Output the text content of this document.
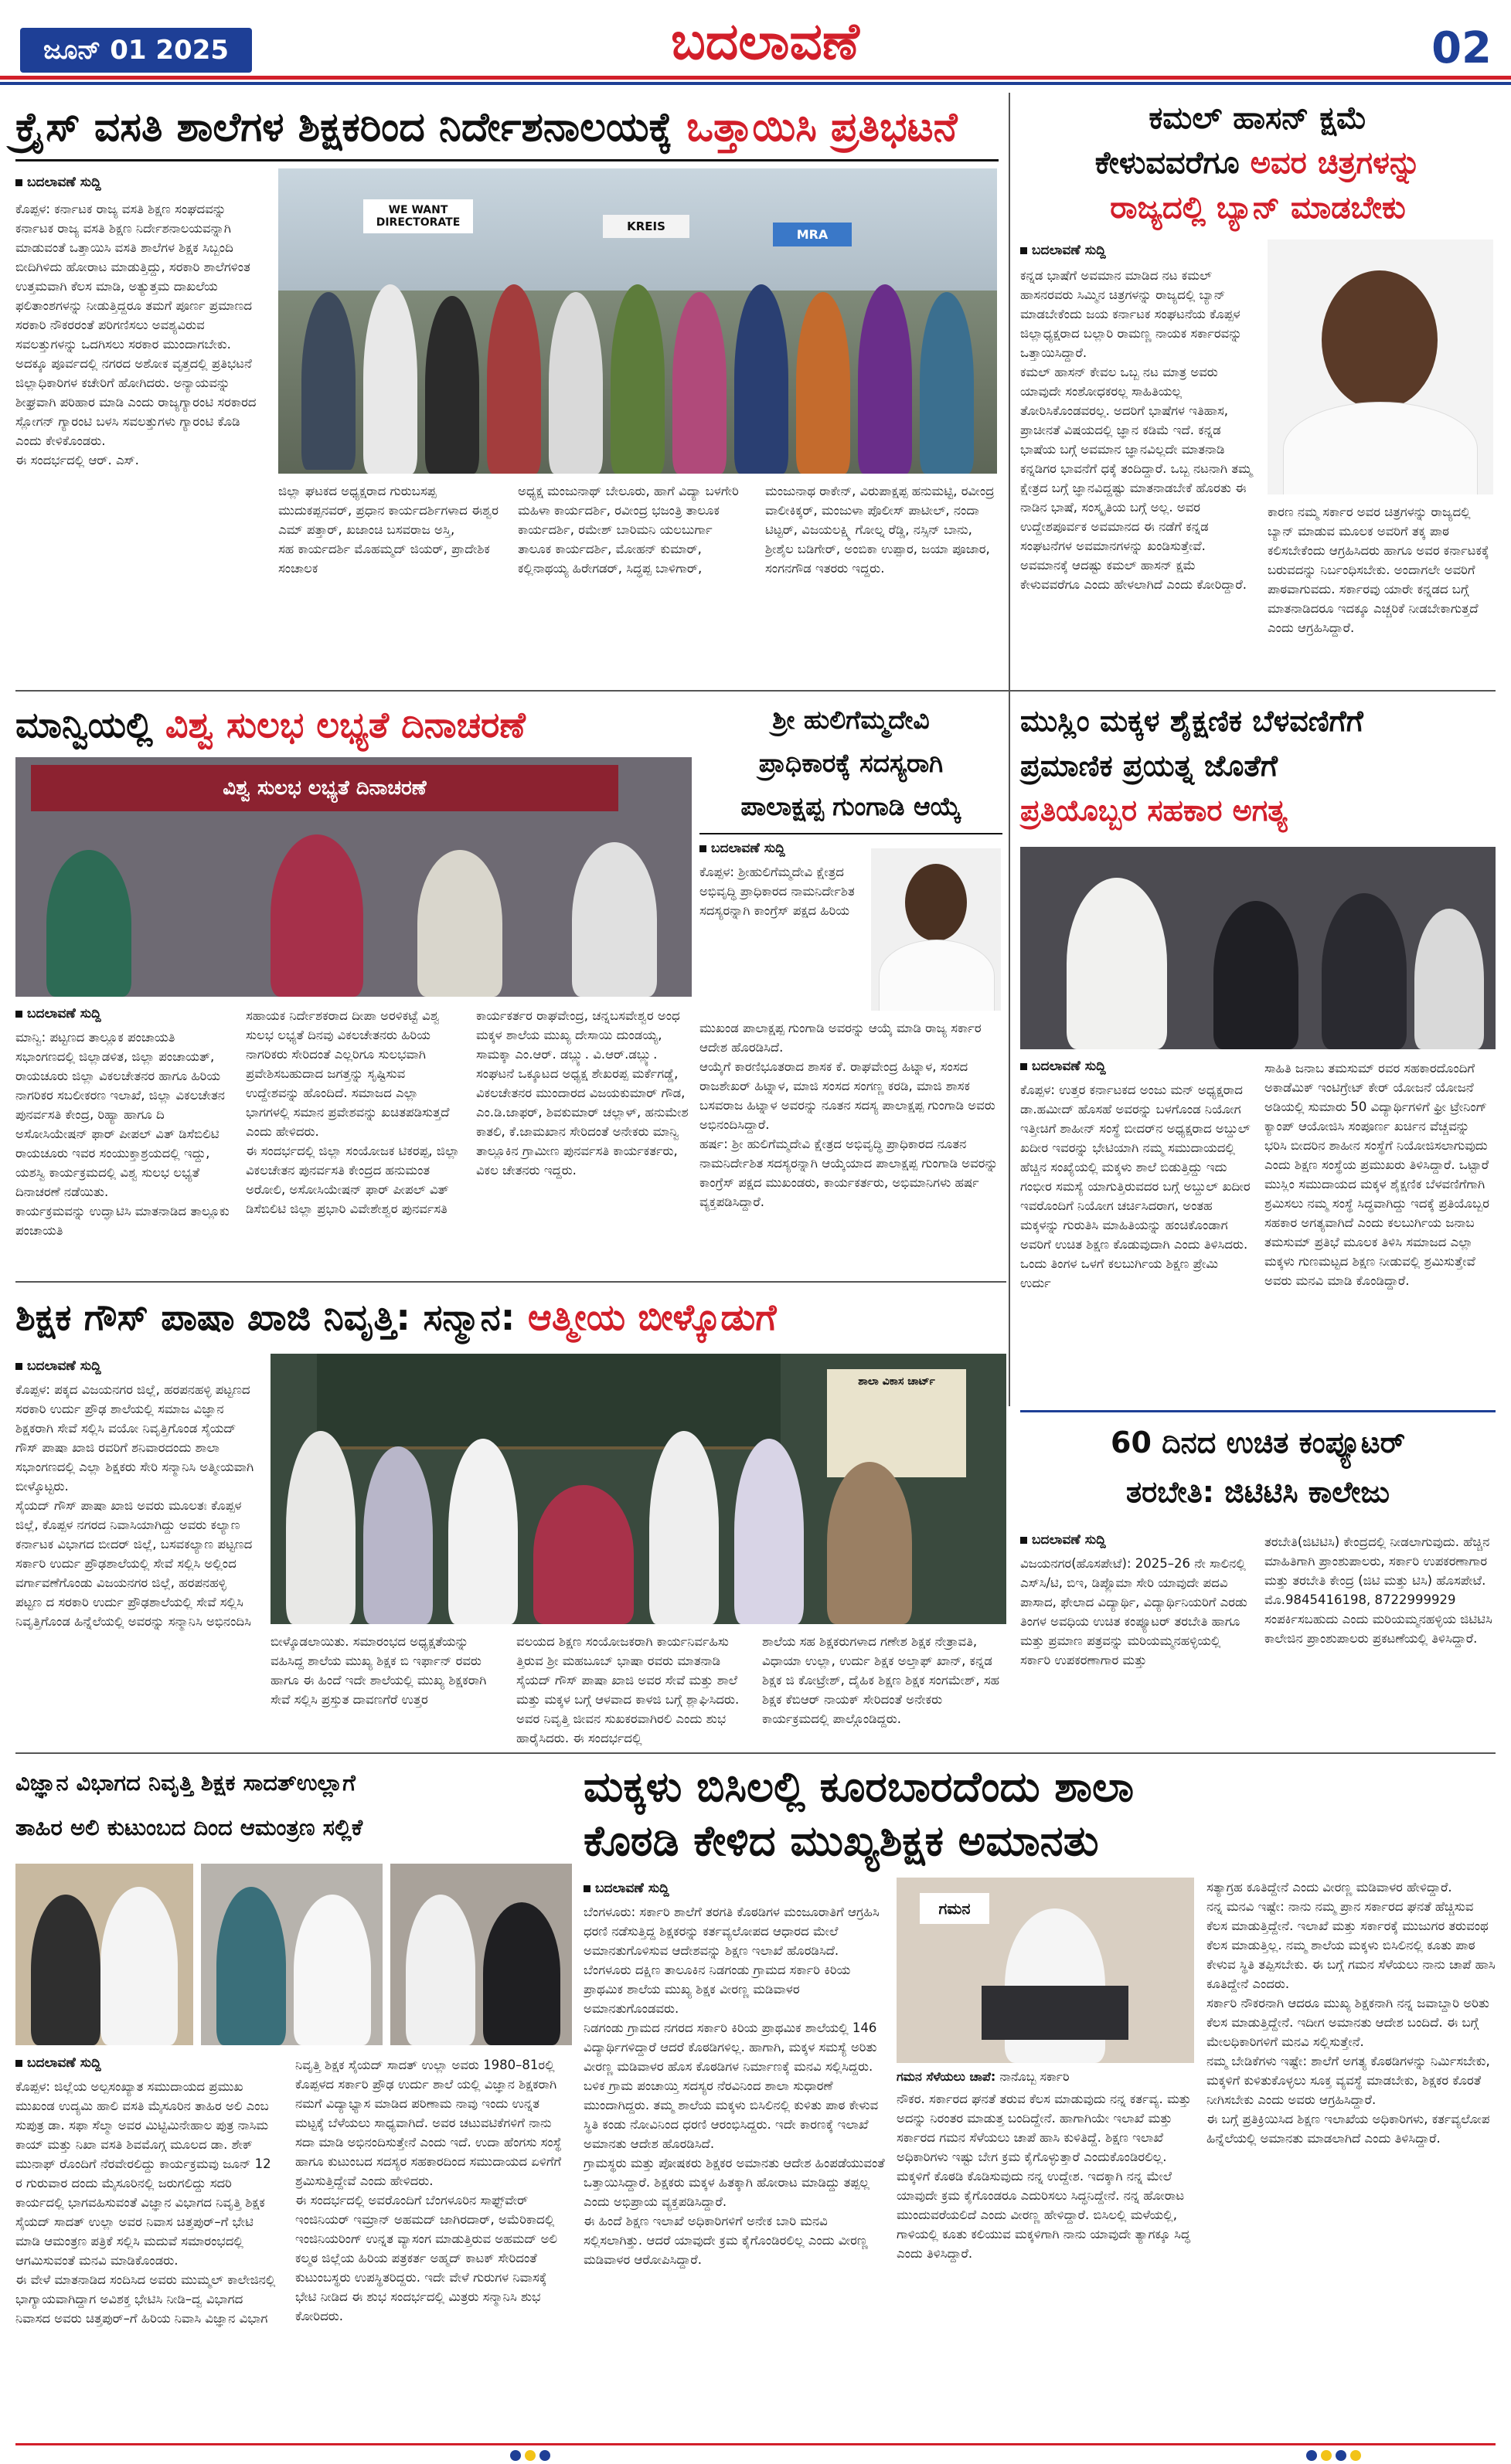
ಜೂನ್ 01 2025	ಬದಲಾವಣೆ	02
ಕ್ರೈಸ್ ವಸತಿ ಶಾಲೆಗಳ ಶಿಕ್ಷಕರಿಂದ ನಿರ್ದೇಶನಾಲಯಕ್ಕೆ ಒತ್ತಾಯಿಸಿ ಪ್ರತಿಭಟನೆ
ಬದಲಾವಣೆ ಸುದ್ದಿ
ಕೊಪ್ಪಳ: ಕರ್ನಾಟಕ ರಾಜ್ಯ ವಸತಿ ಶಿಕ್ಷಣ ಸಂಘದವನ್ನು ಕರ್ನಾಟಕ ರಾಜ್ಯ ವಸತಿ ಶಿಕ್ಷಣ ನಿರ್ದೇಶನಾಲಯವನ್ನಾಗಿ ಮಾಡುವಂತೆ ಒತ್ತಾಯಿಸಿ ವಸತಿ ಶಾಲೆಗಳ ಶಿಕ್ಷಕ ಸಿಬ್ಬಂದಿ ಬೀದಿಗಿಳಿದು ಹೋರಾಟ ಮಾಡುತ್ತಿದ್ದು, ಸರಕಾರಿ ಶಾಲೆಗಳಿಂತ ಉತ್ತಮವಾಗಿ ಕೆಲಸ ಮಾಡಿ, ಅತ್ಯುತ್ತಮ ದಾಖಲೆಯ ಫಲಿತಾಂಶಗಳನ್ನು ನೀಡುತ್ತಿದ್ದರೂ ತಮಗೆ ಪೂರ್ಣ ಪ್ರಮಾಣದ ಸರಕಾರಿ ನೌಕರರಂತೆ ಪರಿಗಣಿಸಲು ಅವಶ್ಯವಿರುವ ಸವಲತ್ತುಗಳನ್ನು ಒದಗಿಸಲು ಸರಕಾರ ಮುಂದಾಗಬೇಕು.
ಅದಕ್ಕೂ ಪೂರ್ವದಲ್ಲಿ ನಗರದ ಅಶೋಕ ವೃತ್ತದಲ್ಲಿ ಪ್ರತಿಭಟನೆ ಜಿಲ್ಲಾಧಿಕಾರಿಗಳ ಕಚೇರಿಗೆ ಹೋಗಿದರು. ಅನ್ಯಾಯವನ್ನು ಶೀಘ್ರವಾಗಿ ಪರಿಹಾರ ಮಾಡಿ ಎಂದು ರಾಜ್ಯಗ್ಯಾರಂಟಿ ಸರಕಾರದ ಸ್ಲೋಗನ್ ಗ್ಯಾರಂಟಿ ಬಳಸಿ ಸವಲತ್ತುಗಳು ಗ್ಯಾರಂಟಿ ಕೊಡಿ ಎಂದು ಕೇಳಿಕೊಂಡರು.
ಈ ಸಂದರ್ಭದಲ್ಲಿ ಆರ್. ಎಸ್.
WE WANT DIRECTORATE	KREIS
MRA
ಜಿಲ್ಲಾ ಘಟಕದ ಅಧ್ಯಕ್ಷರಾದ ಗುರುಬಸಪ್ಪ ಮುದುಕಪ್ಪನವರ್, ಪ್ರಧಾನ ಕಾರ್ಯದರ್ಶಿಗಳಾದ ಈಶ್ವರ ಎಮ್ ಪತ್ತಾರ್, ಖಜಾಂಚಿ ಬಸವರಾಜ ಅಸ್ತಿ,
ಸಹ ಕಾರ್ಯದರ್ಶಿ ಮೊಹಮ್ಮದ್ ಜಿಯರ್, ಪ್ರಾದೇಶಿಕ ಸಂಚಾಲಕ
ಅಧ್ಯಕ್ಷ ಮಂಜುನಾಥ್ ಬೇಲೂರು, ಹಾಗೆ ವಿದ್ಯಾ ಬಳಗೇರಿ ಮಹಿಳಾ ಕಾರ್ಯದರ್ಶಿ, ರವೀಂದ್ರ ಭಜಂತ್ರಿ ತಾಲೂಕ ಕಾರ್ಯದರ್ಶಿ, ರಮೇಶ್ ಬಾರಿಮನಿ ಯಲಬುರ್ಗಾ ತಾಲೂಕ ಕಾರ್ಯದರ್ಶಿ, ಮೋಹನ್ ಕುಮಾರ್, ಕಲ್ಲಿನಾಥಯ್ಯ ಹಿರೇಗಡರ್, ಸಿದ್ಧಪ್ಪ ಬಾಳಿಗಾರ್,
ಮಂಜುನಾಥ ರಾಕೇನ್, ವಿರುಪಾಕ್ಷಪ್ಪ ಹನುಮಟ್ಟಿ, ರವೀಂದ್ರ ವಾಲೀಕಿಕ್ಕರ್, ಮಂಜುಳಾ ಪೊಲೀಸ್ ಪಾಟೀಲ್, ನಂದಾ ಟಿಟ್ಟರ್, ವಿಜಯಲಕ್ಷ್ಮಿ ಗೋಲ್ನ ರೆಡ್ಡಿ, ನಸ್ಸಿನ್ ಬಾನು, ಶ್ರೀಶೈಲ ಬಡಿಗೇರ್, ಅಂಬಿಕಾ ಉಪ್ಪಾರ, ಜಯಾ ಪೂಜಾರ, ಸಂಗನಗೌಡ ಇತರರು ಇದ್ದರು.
ಕಮಲ್ ಹಾಸನ್ ಕ್ಷಮೆ
ಕೇಳುವವರೆಗೂ ಅವರ ಚಿತ್ರಗಳನ್ನು
ರಾಜ್ಯದಲ್ಲಿ ಬ್ಯಾನ್ ಮಾಡಬೇಕು
ಬದಲಾವಣೆ ಸುದ್ದಿ
ಕನ್ನಡ ಭಾಷೆಗೆ ಅವಮಾನ ಮಾಡಿದ ನಟ ಕಮಲ್ ಹಾಸನರವರು ಸಿಮ್ಮಿನ ಚಿತ್ರಗಳನ್ನು ರಾಜ್ಯದಲ್ಲಿ ಬ್ಯಾನ್ ಮಾಡಬೇಕೆಂದು ಜಯ ಕರ್ನಾಟಕ ಸಂಘಟನೆಯ ಕೊಪ್ಪಳ ಜಿಲ್ಲಾಧ್ಯಕ್ಷರಾದ ಬಲ್ಲಾರಿ ರಾಮಣ್ಣ ನಾಯಕ ಸರ್ಕಾರವನ್ನು ಒತ್ತಾಯಿಸಿದ್ದಾರೆ.
ಕಮಲ್ ಹಾಸನ್ ಕೇವಲ ಒಬ್ಬ ನಟ ಮಾತ್ರ ಅವರು ಯಾವುದೇ ಸಂಶೋಧಕರಲ್ಲ ಸಾಹಿತಿಯಲ್ಲ ತೋರಿಸಿಕೊಂಡವರಲ್ಲ. ಅದರಿಗೆ ಭಾಷೆಗಳ ಇತಿಹಾಸ, ಪ್ರಾಚೀನತೆ ವಿಷಯದಲ್ಲಿ ಜ್ಞಾನ ಕಡಿಮೆ ಇದೆ. ಕನ್ನಡ ಭಾಷೆಯ ಬಗ್ಗೆ ಅವಮಾನ ಜ್ಞಾನವಿಲ್ಲದೇ ಮಾತನಾಡಿ ಕನ್ನಡಿಗರ ಭಾವನೆಗೆ ಧಕ್ಕೆ ತಂದಿದ್ದಾರೆ. ಒಬ್ಬ ನಟನಾಗಿ ತಮ್ಮ ಕ್ಷೇತ್ರದ ಬಗ್ಗೆ ಜ್ಞಾನವಿದ್ದಷ್ಟು ಮಾತನಾಡಬೇಕೆ ಹೊರತು ಈ ನಾಡಿನ ಭಾಷೆ, ಸಂಸ್ಕೃತಿಯ ಬಗ್ಗೆ ಅಲ್ಲ. ಅವರ ಉದ್ದೇಶಪೂರ್ವಕ ಅವಮಾನದ ಈ ನಡೆಗೆ ಕನ್ನಡ ಸಂಘಟನೆಗಳ ಅವಮಾನಗಳನ್ನು ಖಂಡಿಸುತ್ತೇವೆ. ಅವಮಾನಕ್ಕೆ ಆದಷ್ಟು ಕಮಲ್ ಹಾಸನ್ ಕ್ಷಮೆ ಕೇಳುವವರೆಗೂ ಎಂದು ಹೇಳಲಾಗಿದೆ ಎಂದು ಕೋರಿದ್ದಾರೆ.
ಕಾರಣ ನಮ್ಮ ಸರ್ಕಾರ ಅವರ ಚಿತ್ರಗಳನ್ನು ರಾಜ್ಯದಲ್ಲಿ ಬ್ಯಾನ್ ಮಾಡುವ ಮೂಲಕ ಅವರಿಗೆ ತಕ್ಕ ಪಾಠ ಕಲಿಸಬೇಕೆಂದು ಆಗ್ರಹಿಸಿದರು ಹಾಗೂ ಅವರ ಕರ್ನಾಟಕಕ್ಕೆ ಬರುವದನ್ನು ನಿರ್ಬಂಧಿಸಬೇಕು. ಅಂದಾಗಲೇ ಅವರಿಗೆ ಪಾಠವಾಗುವದು. ಸರ್ಕಾರವು ಯಾರೇ ಕನ್ನಡದ ಬಗ್ಗೆ ಮಾತನಾಡಿದರೂ ಇದಕ್ಕೂ ಎಚ್ಚರಿಕೆ ನೀಡಬೇಕಾಗುತ್ತದೆ ಎಂದು ಆಗ್ರಹಿಸಿದ್ದಾರೆ.
ಮಾನ್ವಿಯಲ್ಲಿ ವಿಶ್ವ ಸುಲಭ ಲಭ್ಯತೆ ದಿನಾಚರಣೆ
ವಿಶ್ವ ಸುಲಭ ಲಭ್ಯತೆ ದಿನಾಚರಣೆ
ಬದಲಾವಣೆ ಸುದ್ದಿ
ಮಾನ್ವಿ: ಪಟ್ಟಣದ ತಾಲ್ಲೂಕ ಪಂಚಾಯತಿ ಸಭಾಂಗಣದಲ್ಲಿ ಜಿಲ್ಲಾಡಳಿತ, ಜಿಲ್ಲಾ ಪಂಚಾಯತ್, ರಾಯಚೂರು ಜಿಲ್ಲಾ ವಿಕಲಚೇತನರ ಹಾಗೂ ಹಿರಿಯ ನಾಗರಿಕರ ಸಬಲೀಕರಣ ಇಲಾಖೆ, ಜಿಲ್ಲಾ ವಿಕಲಚೇತನ ಪುನರ್ವಸತಿ ಕೇಂದ್ರ, ರಿಹ್ಯಾ ಹಾಗೂ ದಿ ಅಸೋಸಿಯೇಷನ್ ಫಾರ್ ಪೀಪಲ್ ವಿತ್ ಡಿಸೆಬಿಲಿಟಿ ರಾಯಚೂರು ಇವರ ಸಂಯುಕ್ತಾಶ್ರಯದಲ್ಲಿ ಇದ್ದು, ಯಶಸ್ವಿ ಕಾರ್ಯಕ್ರಮದಲ್ಲಿ ವಿಶ್ವ ಸುಲಭ ಲಭ್ಯತೆ ದಿನಾಚರಣೆ ನಡೆಯಿತು.
ಕಾರ್ಯಕ್ರಮವನ್ನು ಉದ್ಘಾಟಿಸಿ ಮಾತನಾಡಿದ ತಾಲ್ಲೂಕು ಪಂಚಾಯತಿ
ಸಹಾಯಕ ನಿರ್ದೇಶಕರಾದ ದೀಪಾ ಅರಳಿಕಟ್ಟೆ ವಿಶ್ವ ಸುಲಭ ಲಭ್ಯತೆ ದಿನವು ವಿಕಲಚೇತನರು ಹಿರಿಯ ನಾಗರಿಕರು ಸೇರಿದಂತೆ ಎಲ್ಲರಿಗೂ ಸುಲಭವಾಗಿ ಪ್ರವೇಶಿಸಬಹುದಾದ ಜಗತ್ತನ್ನು ಸೃಷ್ಟಿಸುವ ಉದ್ದೇಶವನ್ನು ಹೊಂದಿದೆ. ಸಮಾಜದ ಎಲ್ಲಾ ಭಾಗಗಳಲ್ಲಿ ಸಮಾನ ಪ್ರವೇಶವನ್ನು ಖಚಿತಪಡಿಸುತ್ತದೆ ಎಂದು ಹೇಳಿದರು.
ಈ ಸಂದರ್ಭದಲ್ಲಿ ಜಿಲ್ಲಾ ಸಂಯೋಜಕ ಟಿಕರಪ್ಪ, ಜಿಲ್ಲಾ ವಿಕಲಚೇತನ ಪುನರ್ವಸತಿ ಕೇಂದ್ರದ ಹನುಮಂತ ಅರೋಲಿ, ಅಸೋಸಿಯೇಷನ್ ಫಾರ್ ಪೀಪಲ್ ವಿತ್ ಡಿಸೆಬಿಲಿಟಿ ಜಿಲ್ಲಾ ಪ್ರಭಾರಿ ವಿವೇಶೇಶ್ವರ ಪುನರ್ವಸತಿ
ಕಾರ್ಯಕರ್ತರ ರಾಘವೇಂದ್ರ, ಚನ್ನಬಸವೇಶ್ವರ ಅಂಧ ಮಕ್ಕಳ ಶಾಲೆಯ ಮುಖ್ಯ ದೇಸಾಯಿ ದುಂಡಯ್ಯ, ಸಾಮಕ್ಕಾ ಎಂ.ಆರ್. ಡಬ್ಲ್ಯು. ವಿ.ಆರ್.ಡಬ್ಲ್ಯು. ಸಂಘಟನೆ ಒಕ್ಕೂಟದ ಅಧ್ಯಕ್ಷ ಶೇಖರಪ್ಪ ಮರ್ಕೆಗಡ್ಡೆ, ವಿಕಲಚೇತನರ ಮುಂದಾರದ ವಿಜಯಕುಮಾರ್ ಗೌಡ, ಎಂ.ಡಿ.ಜಾಫರ್, ಶಿವಕುಮಾರ್ ಚಲ್ಲಾಳ್, ಹನುಮೇಶ ಕಾತಲಿ, ಕೆ.ಜಾಮಖಾನ ಸೇರಿದಂತೆ ಅನೇಕರು ಮಾನ್ವಿ ತಾಲ್ಲೂಕಿನ ಗ್ರಾಮೀಣ ಪುನರ್ವಸತಿ ಕಾರ್ಯಕರ್ತರು, ವಿಕಲ ಚೇತನರು ಇದ್ದರು.
ಶ್ರೀ ಹುಲಿಗೆಮ್ಮದೇವಿ
ಪ್ರಾಧಿಕಾರಕ್ಕೆ ಸದಸ್ಯರಾಗಿ
ಪಾಲಾಕ್ಷಪ್ಪ ಗುಂಗಾಡಿ ಆಯ್ಕೆ
ಬದಲಾವಣೆ ಸುದ್ದಿ
ಕೊಪ್ಪಳ: ಶ್ರೀಹುಲಿಗೆಮ್ಮದೇವಿ ಕ್ಷೇತ್ರದ ಅಭಿವೃದ್ಧಿ ಪ್ರಾಧಿಕಾರದ ನಾಮನಿರ್ದೇಶಿತ ಸದಸ್ಯರನ್ನಾಗಿ ಕಾಂಗ್ರೆಸ್ ಪಕ್ಷದ ಹಿರಿಯ
ಮುಖಂಡ ಪಾಲಾಕ್ಷಪ್ಪ ಗುಂಗಾಡಿ ಅವರನ್ನು ಆಯ್ಕೆ ಮಾಡಿ ರಾಜ್ಯ ಸರ್ಕಾರ ಆದೇಶ ಹೊರಡಿಸಿದೆ.
ಆಯ್ಕೆಗೆ ಕಾರಣಿಭೂತರಾದ ಶಾಸಕ ಕೆ. ರಾಘವೇಂದ್ರ ಹಿಟ್ನಾಳ, ಸಂಸದ ರಾಜಶೇಖರ್ ಹಿಟ್ನಾಳ, ಮಾಜಿ ಸಂಸದ ಸಂಗಣ್ಣ ಕರಡಿ, ಮಾಜಿ ಶಾಸಕ ಬಸವರಾಜ ಹಿಟ್ನಾಳ ಅವರನ್ನು ನೂತನ ಸದಸ್ಯ ಪಾಲಾಕ್ಷಪ್ಪ ಗುಂಗಾಡಿ ಅವರು ಅಭಿನಂದಿಸಿದ್ದಾರೆ.
ಹರ್ಷ: ಶ್ರೀ ಹುಲಿಗೆಮ್ಮದೇವಿ ಕ್ಷೇತ್ರದ ಅಭಿವೃದ್ಧಿ ಪ್ರಾಧಿಕಾರದ ನೂತನ ನಾಮನಿರ್ದೇಶಿತ ಸದಸ್ಯರನ್ನಾಗಿ ಆಯ್ಕೆಯಾದ ಪಾಲಾಕ್ಷಪ್ಪ ಗುಂಗಾಡಿ ಅವರನ್ನು ಕಾಂಗ್ರೆಸ್ ಪಕ್ಷದ ಮುಖಂಡರು, ಕಾರ್ಯಕರ್ತರು, ಅಭಿಮಾನಿಗಳು ಹರ್ಷ ವ್ಯಕ್ತಪಡಿಸಿದ್ದಾರೆ.
ಮುಸ್ಲಿಂ ಮಕ್ಕಳ ಶೈಕ್ಷಣಿಕ ಬೆಳವಣಿಗೆಗೆ
ಪ್ರಮಾಣಿಕ ಪ್ರಯತ್ನ ಜೊತೆಗೆ
ಪ್ರತಿಯೊಬ್ಬರ ಸಹಕಾರ ಅಗತ್ಯ
ಬದಲಾವಣೆ ಸುದ್ದಿ
ಕೊಪ್ಪಳ: ಉತ್ತರ ಕರ್ನಾಟಕದ ಅಂಜು ಮನ್ ಅಧ್ಯಕ್ಷರಾದ ಡಾ.ಹಮೀದ್ ಹೊಸಹೆ ಅವರನ್ನು ಬಳಗೊಂಡ ನಿಯೋಗ ಇತ್ತೀಚಿಗೆ ಶಾಹೀನ್ ಸಂಸ್ಥೆ ಬೀದರ್‌ನ ಅಧ್ಯಕ್ಷರಾದ ಅಬ್ದುಲ್ ಖದೀರ ಇವರನ್ನು ಭೇಟಿಯಾಗಿ ನಮ್ಮ ಸಮುದಾಯದಲ್ಲಿ ಹೆಚ್ಚಿನ ಸಂಖ್ಯೆಯಲ್ಲಿ ಮಕ್ಕಳು ಶಾಲೆ ಬಿಡುತ್ತಿದ್ದು ಇದು ಗಂಭೀರ ಸಮಸ್ಯೆ ಯಾಗುತ್ತಿರುವದರ ಬಗ್ಗೆ ಅಬ್ದುಲ್ ಖದೀರ ಇವರೊಂದಿಗೆ ನಿಯೋಗ ಚರ್ಚಿಸಿದರಾಗ, ಅಂತಹ ಮಕ್ಕಳನ್ನು ಗುರುತಿಸಿ ಮಾಹಿತಿಯನ್ನು ಹಂಚಿಕೊಂಡಾಗ ಅವರಿಗೆ ಉಚಿತ ಶಿಕ್ಷಣ ಕೊಡುವುದಾಗಿ ಎಂದು ತಿಳಿಸಿದರು. ಒಂದು ತಿಂಗಳ ಒಳಗೆ ಕಲಬುರ್ಗಿಯ ಶಿಕ್ಷಣ ಪ್ರೇಮಿ ಉರ್ದು
ಸಾಹಿತಿ ಜನಾಬ ತಮಸುಮ್ ರವರ ಸಹಕಾರದೊಂದಿಗೆ ಅಕಾಡೆಮಿಕ್ ಇಂಟಿಗ್ರೇಟ್ ಕೇರ್ ಯೋಜನೆ ಯೋಜನೆ ಅಡಿಯಲ್ಲಿ ಸುಮಾರು 50 ವಿದ್ಯಾರ್ಥಿಗಳಿಗೆ ಫ್ರೀ ಟ್ರೇನಿಂಗ್ ಕ್ಯಾಂಪ್ ಆಯೋಜಿಸಿ ಸಂಪೂರ್ಣ ಖರ್ಚಿನ ವೆಚ್ಚವನ್ನು ಭರಿಸಿ ಬೀದರಿನ ಶಾಹೀನ ಸಂಸ್ಥೆಗೆ ನಿಯೋಜಿಸಲಾಗುವುದು ಎಂದು ಶಿಕ್ಷಣ ಸಂಸ್ಥೆಯ ಪ್ರಮುಖರು ತಿಳಿಸಿದ್ದಾರೆ. ಒಟ್ಟಾರೆ ಮುಸ್ಲಿಂ ಸಮುದಾಯದ ಮಕ್ಕಳ ಶೈಕ್ಷಣಿಕ ಬೆಳವಣಿಗೆಗಾಗಿ ಶ್ರಮಿಸಲು ನಮ್ಮ ಸಂಸ್ಥೆ ಸಿದ್ಧವಾಗಿದ್ದು ಇದಕ್ಕೆ ಪ್ರತಿಯೊಬ್ಬರ ಸಹಕಾರ ಅಗತ್ಯವಾಗಿದೆ ಎಂದು ಕಲಬುರ್ಗಿಯ ಜನಾಬ ತಮಸುಮ್ ಪ್ರತಿಭೆ ಮೂಲಕ ತಿಳಿಸಿ ಸಮಾಜದ ಎಲ್ಲಾ ಮಕ್ಕಳು ಗುಣಮಟ್ಟದ ಶಿಕ್ಷಣ ನೀಡುವಲ್ಲಿ ಶ್ರಮಿಸುತ್ತೇವೆ ಅವರು ಮನವಿ ಮಾಡಿ ಕೊಂಡಿದ್ದಾರೆ.
ಶಿಕ್ಷಕ ಗೌಸ್ ಪಾಷಾ ಖಾಜಿ ನಿವೃತ್ತಿ: ಸನ್ಮಾನ: ಆತ್ಮೀಯ ಬೀಳ್ಕೊಡುಗೆ
ಬದಲಾವಣೆ ಸುದ್ದಿ
ಕೊಪ್ಪಳ: ಪಕ್ಕದ ವಿಜಯನಗರ ಜಿಲ್ಲೆ, ಹರಪನಹಳ್ಳಿ ಪಟ್ಟಣದ ಸರಕಾರಿ ಉರ್ದು ಪ್ರೌಢ ಶಾಲೆಯಲ್ಲಿ ಸಮಾಜ ವಿಜ್ಞಾನ ಶಿಕ್ಷಕರಾಗಿ ಸೇವೆ ಸಲ್ಲಿಸಿ ವಯೋ ನಿವೃತ್ತಿಗೊಂಡ ಸೈಯದ್ ಗೌಸ್ ಪಾಷಾ ಖಾಜಿ ರವರಿಗೆ ಶನಿವಾರದಂದು ಶಾಲಾ ಸಭಾಂಗಣದಲ್ಲಿ ಎಲ್ಲಾ ಶಿಕ್ಷಕರು ಸೇರಿ ಸನ್ಮಾನಿಸಿ ಅತ್ಮೀಯವಾಗಿ ಬೀಳ್ಕೊಟ್ಟರು.
ಸೈಯದ್ ಗೌಸ್ ಪಾಷಾ ಖಾಜಿ ಅವರು ಮೂಲತಃ ಕೊಪ್ಪಳ ಜಿಲ್ಲೆ, ಕೊಪ್ಪಳ ನಗರದ ನಿವಾಸಿಯಾಗಿದ್ದು ಅವರು ಕಲ್ಯಾಣ ಕರ್ನಾಟಕ ವಿಭಾಗದ ಬೀದರ್ ಜಿಲ್ಲೆ, ಬಸವಕಲ್ಯಾಣ ಪಟ್ಟಣದ ಸರ್ಕಾರಿ ಉರ್ದು ಪ್ರೌಢಶಾಲೆಯಲ್ಲಿ ಸೇವೆ ಸಲ್ಲಿಸಿ ಅಲ್ಲಿಂದ ವರ್ಗಾವಣೆಗೊಂಡು ವಿಜಯನಗರ ಜಿಲ್ಲೆ, ಹರಪನಹಳ್ಳಿ ಪಟ್ಟಣ ದ ಸರಕಾರಿ ಉರ್ದು ಪ್ರೌಢಶಾಲೆಯಲ್ಲಿ ಸೇವೆ ಸಲ್ಲಿಸಿ ನಿವೃತ್ತಿಗೊಂಡ ಹಿನ್ನೆಲೆಯಲ್ಲಿ ಅವರನ್ನು ಸನ್ಮಾನಿಸಿ ಅಭಿನಂದಿಸಿ
ಶಾಲಾ ವಿಕಾಸ ಚಾರ್ಟ್
ಬೀಳ್ಕೊಡಲಾಯಿತು. ಸಮಾರಂಭದ ಅಧ್ಯಕ್ಷತೆಯನ್ನು ವಹಿಸಿದ್ದ ಶಾಲೆಯ ಮುಖ್ಯ ಶಿಕ್ಷಕ ಬಿ ಇರ್ಫಾನ್ ರವರು ಹಾಗೂ ಈ ಹಿಂದೆ ಇದೇ ಶಾಲೆಯಲ್ಲಿ ಮುಖ್ಯ ಶಿಕ್ಷಕರಾಗಿ ಸೇವೆ ಸಲ್ಲಿಸಿ ಪ್ರಸ್ತುತ ದಾವಣಗೆರೆ ಉತ್ತರ
ವಲಯದ ಶಿಕ್ಷಣ ಸಂಯೋಜಕರಾಗಿ ಕಾರ್ಯನಿರ್ವಹಿಸು ತ್ತಿರುವ ಶ್ರೀ ಮಹಬೂಬ್ ಭಾಷಾ ರವರು ಮಾತನಾಡಿ ಸೈಯದ್ ಗೌಸ್ ಪಾಷಾ ಖಾಜಿ ಅವರ ಸೇವೆ ಮತ್ತು ಶಾಲೆ ಮತ್ತು ಮಕ್ಕಳ ಬಗ್ಗೆ ಆಳವಾದ ಕಾಳಜಿ ಬಗ್ಗೆ ಶ್ಲಾಘಿಸಿದರು. ಅವರ ನಿವೃತ್ತಿ ಜೀವನ ಸುಖಕರವಾಗಿರಲಿ ಎಂದು ಶುಭ ಹಾರೈಸಿದರು. ಈ ಸಂದರ್ಭದಲ್ಲಿ
ಶಾಲೆಯ ಸಹ ಶಿಕ್ಷಕರುಗಳಾದ ಗಣೇಶ ಶಿಕ್ಷಕ ನೇತ್ರಾವತಿ, ವಿಧಾಯಾ ಉಲ್ಲಾ, ಉರ್ದು ಶಿಕ್ಷಕ ಅಲ್ತಾಫ್ ಖಾನ್, ಕನ್ನಡ ಶಿಕ್ಷಕ ಜಿ ಕೋಟ್ರೇಶ್, ದೈಹಿಕ ಶಿಕ್ಷಣ ಶಿಕ್ಷಕ ಸಂಗಮೇಶ್, ಸಹ ಶಿಕ್ಷಕ ಕೆಬಿಆರ್ ನಾಯಕ್ ಸೇರಿದಂತೆ ಅನೇಕರು ಕಾರ್ಯಕ್ರಮದಲ್ಲಿ ಪಾಲ್ಗೊಂಡಿದ್ದರು.
60 ದಿನದ ಉಚಿತ ಕಂಪ್ಯೂಟರ್
ತರಬೇತಿ: ಜಿಟಿಟಿಸಿ ಕಾಲೇಜು
ಬದಲಾವಣೆ ಸುದ್ದಿ
ವಿಜಯನಗರ(ಹೊಸಪೇಟೆ): 2025–26 ನೇ ಸಾಲಿನಲ್ಲಿ ಎಸ್‌ಸಿ/ಟಿ, ಬಿಇ, ಡಿಪ್ಲೊಮಾ ಸೇರಿ ಯಾವುದೇ ಪದವಿ ಪಾಸಾದ, ಫೇಲಾದ ವಿದ್ಯಾರ್ಥಿ, ವಿದ್ಯಾರ್ಥಿನಿಯರಿಗೆ ಎರಡು ತಿಂಗಳ ಅವಧಿಯ ಉಚಿತ ಕಂಪ್ಯೂಟರ್ ತರಬೇತಿ ಹಾಗೂ ಮತ್ತು ಪ್ರಮಾಣ ಪತ್ರವನ್ನು ಮರಿಯಮ್ಮನಹಳ್ಳಿಯಲ್ಲಿ ಸರ್ಕಾರಿ ಉಪಕರಣಾಗಾರ ಮತ್ತು
ತರಬೇತಿ(ಜಿಟಿಟಿಸಿ) ಕೇಂದ್ರದಲ್ಲಿ ನೀಡಲಾಗುವುದು. ಹೆಚ್ಚಿನ ಮಾಹಿತಿಗಾಗಿ ಪ್ರಾಂಶುಪಾಲರು, ಸರ್ಕಾರಿ ಉಪಕರಣಾಗಾರ ಮತ್ತು ತರಬೇತಿ ಕೇಂದ್ರ (ಜಿಟಿ ಮತ್ತು ಟಿಸಿ) ಹೊಸಪೇಟೆ. ಮೊ.9845416198, 8722999929 ಸಂಪರ್ಕಿಸಬಹುದು ಎಂದು ಮರಿಯಮ್ಮನಹಳ್ಳಿಯ ಜಿಟಿಟಿಸಿ ಕಾಲೇಜಿನ ಪ್ರಾಂಶುಪಾಲರು ಪ್ರಕಟಣೆಯಲ್ಲಿ ತಿಳಿಸಿದ್ದಾರೆ.
ವಿಜ್ಞಾನ ವಿಭಾಗದ ನಿವೃತ್ತಿ ಶಿಕ್ಷಕ ಸಾದತ್‌ಉಲ್ಲಾಗೆ
ತಾಹಿರ ಅಲಿ ಕುಟುಂಬದ ದಿಂದ ಆಮಂತ್ರಣ ಸಲ್ಲಿಕೆ
ಬದಲಾವಣೆ ಸುದ್ದಿ
ಕೊಪ್ಪಳ: ಜಿಲ್ಲೆಯ ಅಲ್ಪಸಂಖ್ಯಾತ ಸಮುದಾಯದ ಪ್ರಮುಖ ಮುಖಂಡ ಉದ್ಯಮಿ ಹಾಲಿ ವಸತಿ ಮೈಸೂರಿನ ತಾಹಿರ ಅಲಿ ಎಂಬ ಸುಪುತ್ರ ಡಾ. ಸಫಾ ಸೆಲ್ಮಾ ಅವರ ಮಿಟ್ಟಿಮಿನೇಹಾಲ ಪುತ್ರ ನಾಸಿಮ ಕಾಯ್ ಮತ್ತು ನಿಖಾ ವಸತಿ ಶಿವಮೊಗ್ಗ ಮೂಲದ ಡಾ. ಶೇಕ್ ಮುನಾಫ್ ರೊಂದಿಗೆ ನೆರವೇರಲಿದ್ದು ಕಾರ್ಯಕ್ರಮವು ಜೂನ್ 12 ರ ಗುರುವಾರ ದಂದು ಮೈಸೂರಿನಲ್ಲಿ ಜರುಗಲಿದ್ದು ಸದರಿ ಕಾರ್ಯದಲ್ಲಿ ಭಾಗವಹಿಸುವಂತೆ ವಿಜ್ಞಾನ ವಿಭಾಗದ ನಿವೃತ್ತಿ ಶಿಕ್ಷಕ ಸೈಯದ್ ಸಾದತ್ ಉಲ್ಲಾ ಅವರ ನಿವಾಸ ಚಿತ್ತಪುರ್–ಗೆ ಭೇಟಿ ಮಾಡಿ ಆಮಂತ್ರಣ ಪತ್ರಿಕೆ ಸಲ್ಲಿಸಿ ಮದುವೆ ಸಮಾರಂಭದಲ್ಲಿ ಆಗಮಿಸುವಂತೆ ಮನವಿ ಮಾಡಿಕೊಂಡರು.
ಈ ವೇಳೆ ಮಾತನಾಡಿದ ಸಂದಿಸಿದ ಅವರು ಮುಮ್ಮಲ್ ಕಾಲೇಜಿನಲ್ಲಿ ಭಾಗ್ಯಾಯವಾಗಿದ್ದಾಗ ಅವಿಶಕ್ತ ಭೇಟಿಸಿ ನೀಡಿ–ದ್ವ ವಿಭಾಗದ ನಿವಾಸದ ಅವರು ಚಿತ್ತಪುರ್–ಗೆ ಹಿರಿಯ ನಿವಾಸಿ ವಿಜ್ಞಾನ ವಿಭಾಗ
ನಿವೃತ್ತಿ ಶಿಕ್ಷಕ ಸೈಯದ್ ಸಾದತ್ ಉಲ್ಲಾ ಅವರು 1980–81ರಲ್ಲಿ ಕೊಪ್ಪಳದ ಸರ್ಕಾರಿ ಪ್ರೌಢ ಉರ್ದು ಶಾಲೆ ಯಲ್ಲಿ ವಿಜ್ಞಾನ ಶಿಕ್ಷಕರಾಗಿ ನಮಗೆ ವಿದ್ಯಾಭ್ಯಾಸ ಮಾಡಿದ ಪರಿಣಾಮ ನಾವು ಇಂದು ಉನ್ನತ ಮಟ್ಟಕ್ಕೆ ಬೆಳೆಯಲು ಸಾಧ್ಯವಾಗಿದೆ. ಅವರ ಚಟುವಟಿಕೆಗಳಿಗೆ ನಾನು ಸದಾ ಮಾಡಿ ಅಭಿನಂದಿಸುತ್ತೇನೆ ಎಂದು ಇದೆ. ಉದಾ ಹೆಂಗಸು ಸಂಸ್ಥೆ ಹಾಗೂ ಕುಟುಂಬದ ಸದಸ್ಯರ ಸಹಕಾರದಿಂದ ಸಮುದಾಯದ ಏಳಿಗೆಗೆ ಶ್ರಮಿಸುತ್ತಿದ್ದೇವೆ ಎಂದು ಹೇಳಿದರು.
ಈ ಸಂದರ್ಭದಲ್ಲಿ ಅವರೊಂದಿಗೆ ಬೆಂಗಳೂರಿನ ಸಾಫ್ಟ್‌ವೇರ್ ಇಂಜಿನಿಯರ್ ಇಮ್ರಾನ್ ಅಹಮದ್ ಜಾಗಿರದಾರ್, ಅಮೆರಿಕಾದಲ್ಲಿ ಇಂಜಿನಿಯರಿಂಗ್ ಉನ್ನತ ವ್ಯಾಸಂಗ ಮಾಡುತ್ತಿರುವ ಅಹಮದ್ ಅಲಿ ಕಲ್ಮಠ ಜಿಲ್ಲೆಯ ಹಿರಿಯ ಪತ್ರಕರ್ತ ಅಹ್ಮದ್ ಕಾಟಕ್ ಸೇರಿದಂತೆ ಕುಟುಂಬಸ್ಥರು ಉಪಸ್ಥಿತರಿದ್ದರು. ಇದೇ ವೇಳೆ ಗುರುಗಳ ನಿವಾಸಕ್ಕೆ ಭೇಟಿ ನೀಡಿದ ಈ ಶುಭ ಸಂದರ್ಭದಲ್ಲಿ ಮಿತ್ರರು ಸನ್ಮಾನಿಸಿ ಶುಭ ಕೋರಿದರು.
ಮಕ್ಕಳು ಬಿಸಿಲಲ್ಲಿ ಕೂರಬಾರದೆಂದು ಶಾಲಾ
ಕೊಠಡಿ ಕೇಳಿದ ಮುಖ್ಯಶಿಕ್ಷಕ ಅಮಾನತು
ಬದಲಾವಣೆ ಸುದ್ದಿ
ಬೆಂಗಳೂರು: ಸರ್ಕಾರಿ ಶಾಲೆಗೆ ತರಗತಿ ಕೊಠಡಿಗಳ ಮಂಜೂರಾತಿಗೆ ಆಗ್ರಹಿಸಿ ಧರಣಿ ನಡೆಸುತ್ತಿದ್ದ ಶಿಕ್ಷಕರನ್ನು ಕರ್ತವ್ಯಲೋಪದ ಆಧಾರದ ಮೇಲೆ ಅಮಾನತುಗೊಳಿಸುವ ಆದೇಶವನ್ನು ಶಿಕ್ಷಣ ಇಲಾಖೆ ಹೊರಡಿಸಿದೆ. ಬೆಂಗಳೂರು ದಕ್ಷಿಣ ತಾಲೂಕಿನ ನಿಡಗಂಡು ಗ್ರಾಮದ ಸರ್ಕಾರಿ ಕಿರಿಯ ಪ್ರಾಥಮಿಕ ಶಾಲೆಯ ಮುಖ್ಯ ಶಿಕ್ಷಕ ವೀರಣ್ಣ ಮಡಿವಾಳರ ಅಮಾನತುಗೊಂಡವರು.
ನಿಡಗಂಡು ಗ್ರಾಮದ ನಗರದ ಸರ್ಕಾರಿ ಕಿರಿಯ ಪ್ರಾಥಮಿಕ ಶಾಲೆಯಲ್ಲಿ 146 ವಿದ್ಯಾರ್ಥಿಗಳಿದ್ದಾರೆ ಆದರೆ ಕೊಠಡಿಗಳಿಲ್ಲ. ಹಾಗಾಗಿ, ಮಕ್ಕಳ ಸಮಸ್ಯೆ ಅರಿತು ವೀರಣ್ಣ ಮಡಿವಾಳರ ಹೊಸ ಕೊಠಡಿಗಳ ನಿರ್ಮಾಣಕ್ಕೆ ಮನವಿ ಸಲ್ಲಿಸಿದ್ದರು. ಬಳಿಕ ಗ್ರಾಮ ಪಂಚಾಯ್ತಿ ಸದಸ್ಯರ ನೆರವಿನಿಂದ ಶಾಲಾ ಸುಧಾರಣೆ ಮುಂದಾಗಿದ್ದರು. ತಮ್ಮ ಶಾಲೆಯ ಮಕ್ಕಳು ಬಿಸಿಲಿನಲ್ಲಿ ಕುಳಿತು ಪಾಠ ಕೇಳುವ ಸ್ಥಿತಿ ಕಂಡು ನೋವಿನಿಂದ ಧರಣಿ ಆರಂಭಿಸಿದ್ದರು. ಇದೇ ಕಾರಣಕ್ಕೆ ಇಲಾಖೆ ಅಮಾನತು ಆದೇಶ ಹೊರಡಿಸಿದೆ.
ಗ್ರಾಮಸ್ಥರು ಮತ್ತು ಪೋಷಕರು ಶಿಕ್ಷಕರ ಅಮಾನತು ಆದೇಶ ಹಿಂಪಡೆಯುವಂತೆ ಒತ್ತಾಯಿಸಿದ್ದಾರೆ. ಶಿಕ್ಷಕರು ಮಕ್ಕಳ ಹಿತಕ್ಕಾಗಿ ಹೋರಾಟ ಮಾಡಿದ್ದು ತಪ್ಪಲ್ಲ ಎಂದು ಅಭಿಪ್ರಾಯ ವ್ಯಕ್ತಪಡಿಸಿದ್ದಾರೆ.
ಈ ಹಿಂದೆ ಶಿಕ್ಷಣ ಇಲಾಖೆ ಅಧಿಕಾರಿಗಳಿಗೆ ಅನೇಕ ಬಾರಿ ಮನವಿ ಸಲ್ಲಿಸಲಾಗಿತ್ತು. ಆದರೆ ಯಾವುದೇ ಕ್ರಮ ಕೈಗೊಂಡಿರಲಿಲ್ಲ ಎಂದು ವೀರಣ್ಣ ಮಡಿವಾಳರ ಆರೋಪಿಸಿದ್ದಾರೆ.
ಗಮನ
ಗಮನ ಸೆಳೆಯಲು ಚಾಪೆ: ನಾನೊಬ್ಬ ಸರ್ಕಾರಿ
ನೌಕರ. ಸರ್ಕಾರದ ಘನತೆ ತರುವ ಕೆಲಸ ಮಾಡುವುದು ನನ್ನ ಕರ್ತವ್ಯ. ಮತ್ತು ಅದನ್ನು ನಿರಂತರ ಮಾಡುತ್ತ ಬಂದಿದ್ದೇನೆ. ಹಾಗಾಗಿಯೇ ಇಲಾಖೆ ಮತ್ತು ಸರ್ಕಾರದ ಗಮನ ಸೆಳೆಯಲು ಚಾಪೆ ಹಾಸಿ ಕುಳಿತಿದ್ದೆ. ಶಿಕ್ಷಣ ಇಲಾಖೆ ಅಧಿಕಾರಿಗಳು ಇಷ್ಟು ಬೇಗ ಕ್ರಮ ಕೈಗೊಳ್ಳುತ್ತಾರೆ ಎಂದುಕೊಂಡಿರಲಿಲ್ಲ. ಮಕ್ಕಳಿಗೆ ಕೊಠಡಿ ಕೊಡಿಸುವುದು ನನ್ನ ಉದ್ದೇಶ. ಇದಕ್ಕಾಗಿ ನನ್ನ ಮೇಲೆ ಯಾವುದೇ ಕ್ರಮ ಕೈಗೊಂಡರೂ ಎದುರಿಸಲು ಸಿದ್ಧನಿದ್ದೇನೆ. ನನ್ನ ಹೋರಾಟ ಮುಂದುವರೆಯಲಿದೆ ಎಂದು ವೀರಣ್ಣ ಹೇಳಿದ್ದಾರೆ. ಬಿಸಿಲಲ್ಲಿ ಮಳೆಯಲ್ಲಿ, ಗಾಳಿಯಲ್ಲಿ ಕೂತು ಕಲಿಯುವ ಮಕ್ಕಳಿಗಾಗಿ ನಾನು ಯಾವುದೇ ತ್ಯಾಗಕ್ಕೂ ಸಿದ್ಧ ಎಂದು ತಿಳಿಸಿದ್ದಾರೆ.
ಸತ್ಯಾಗ್ರಹ ಕೂತಿದ್ದೇನೆ ಎಂದು ವೀರಣ್ಣ ಮಡಿವಾಳರ ಹೇಳಿದ್ದಾರೆ.
ನನ್ನ ಮನವಿ ಇಷ್ಟೇ: ನಾನು ನಮ್ಮ ಪ್ರಾನ ಸರ್ಕಾರದ ಘನತೆ ಹೆಚ್ಚಿಸುವ ಕೆಲಸ ಮಾಡುತ್ತಿದ್ದೇನೆ. ಇಲಾಖೆ ಮತ್ತು ಸರ್ಕಾರಕ್ಕೆ ಮುಜುಗರ ತರುವಂಥ ಕೆಲಸ ಮಾಡುತ್ತಿಲ್ಲ. ನಮ್ಮ ಶಾಲೆಯ ಮಕ್ಕಳು ಬಿಸಿಲಿನಲ್ಲಿ ಕೂತು ಪಾಠ ಕೇಳುವ ಸ್ಥಿತಿ ತಪ್ಪಿಸಬೇಕು. ಈ ಬಗ್ಗೆ ಗಮನ ಸೆಳೆಯಲು ನಾನು ಚಾಪೆ ಹಾಸಿ ಕೂತಿದ್ದೇನೆ ಎಂದರು.
ಸರ್ಕಾರಿ ನೌಕರನಾಗಿ ಆದರೂ ಮುಖ್ಯ ಶಿಕ್ಷಕನಾಗಿ ನನ್ನ ಜವಾಬ್ದಾರಿ ಅರಿತು ಕೆಲಸ ಮಾಡುತ್ತಿದ್ದೇನೆ. ಇದೀಗ ಅಮಾನತು ಆದೇಶ ಬಂದಿದೆ. ಈ ಬಗ್ಗೆ ಮೇಲಧಿಕಾರಿಗಳಿಗೆ ಮನವಿ ಸಲ್ಲಿಸುತ್ತೇನೆ.
ನಮ್ಮ ಬೇಡಿಕೆಗಳು ಇಷ್ಟೇ: ಶಾಲೆಗೆ ಅಗತ್ಯ ಕೊಠಡಿಗಳನ್ನು ನಿರ್ಮಿಸಬೇಕು, ಮಕ್ಕಳಿಗೆ ಕುಳಿತುಕೊಳ್ಳಲು ಸೂಕ್ತ ವ್ಯವಸ್ಥೆ ಮಾಡಬೇಕು, ಶಿಕ್ಷಕರ ಕೊರತೆ ನೀಗಿಸಬೇಕು ಎಂದು ಅವರು ಆಗ್ರಹಿಸಿದ್ದಾರೆ.
ಈ ಬಗ್ಗೆ ಪ್ರತಿಕ್ರಿಯಿಸಿದ ಶಿಕ್ಷಣ ಇಲಾಖೆಯ ಅಧಿಕಾರಿಗಳು, ಕರ್ತವ್ಯಲೋಪ ಹಿನ್ನೆಲೆಯಲ್ಲಿ ಅಮಾನತು ಮಾಡಲಾಗಿದೆ ಎಂದು ತಿಳಿಸಿದ್ದಾರೆ.
